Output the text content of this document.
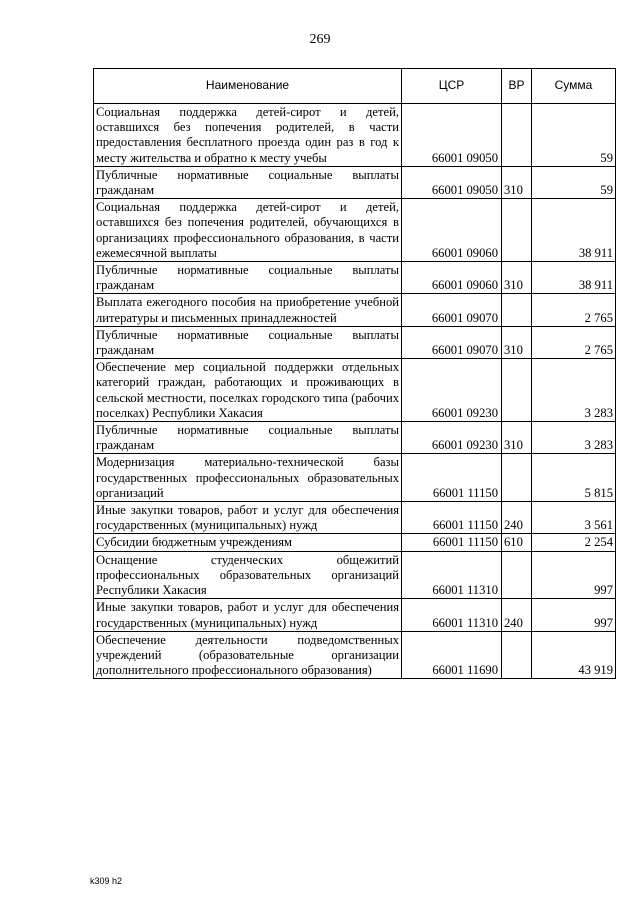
269
Наименование	ЦСР	ВР	Сумма
Социальная поддержка детей-сирот и детей, оставшихся без попечения родителей, в части предоставления бесплатного проезда один раз в год к месту жительства и обратно к месту учебы	66001 09050		59
Публичные нормативные социальные выплаты гражданам	66001 09050	310	59
Социальная поддержка детей-сирот и детей, оставшихся без попечения родителей, обучающихся в организациях профессионального образования, в части ежемесячной выплаты	66001 09060		38 911
Публичные нормативные социальные выплаты гражданам	66001 09060	310	38 911
Выплата ежегодного пособия на приобретение учебной литературы и письменных принадлежностей	66001 09070		2 765
Публичные нормативные социальные выплаты гражданам	66001 09070	310	2 765
Обеспечение мер социальной поддержки отдельных категорий граждан, работающих и проживающих в сельской местности, поселках городского типа (рабочих поселках) Республики Хакасия	66001 09230		3 283
Публичные нормативные социальные выплаты гражданам	66001 09230	310	3 283
Модернизация материально-технической базы государственных профессиональных образовательных организаций	66001 11150		5 815
Иные закупки товаров, работ и услуг для обеспечения государственных (муниципальных) нужд	66001 11150	240	3 561
Субсидии бюджетным учреждениям	66001 11150	610	2 254
Оснащение студенческих общежитий профессиональных образовательных организаций Республики Хакасия	66001 11310		997
Иные закупки товаров, работ и услуг для обеспечения государственных (муниципальных) нужд	66001 11310	240	997
Обеспечение деятельности подведомственных учреждений (образовательные организации дополнительного профессионального образования)	66001 11690		43 919
k309 h2
